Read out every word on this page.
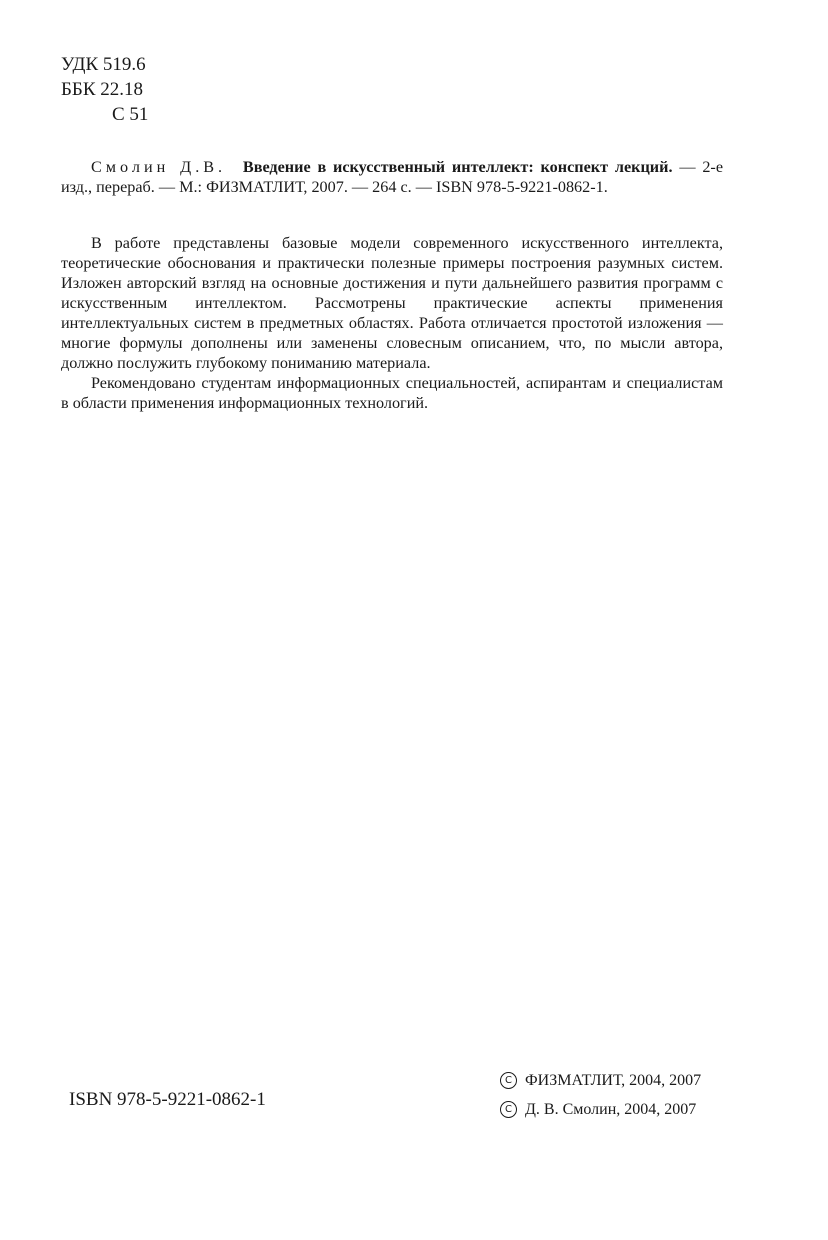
УДК 519.6
ББК 22.18
С 51

Смолин Д.В. Введение в искусственный интеллект: конспект лекций. — 2-е изд., перераб. — М.: ФИЗМАТЛИТ, 2007. — 264 с. — ISBN 978-5-9221-0862-1.

В работе представлены базовые модели современного искусственного интеллекта, теоретические обоснования и практически полезные примеры построения разумных систем. Изложен авторский взгляд на основные достижения и пути дальнейшего развития программ с искусственным интеллектом. Рассмотрены практические аспекты применения интеллектуальных систем в предметных областях. Работа отличается простотой изложения — многие формулы дополнены или заменены словесным описанием, что, по мысли автора, должно послужить глубокому пониманию материала.

Рекомендовано студентам информационных специальностей, аспирантам и специалистам в области применения информационных технологий.

ISBN 978-5-9221-0862-1
C ФИЗМАТЛИТ, 2004, 2007
C Д. В. Смолин, 2004, 2007
